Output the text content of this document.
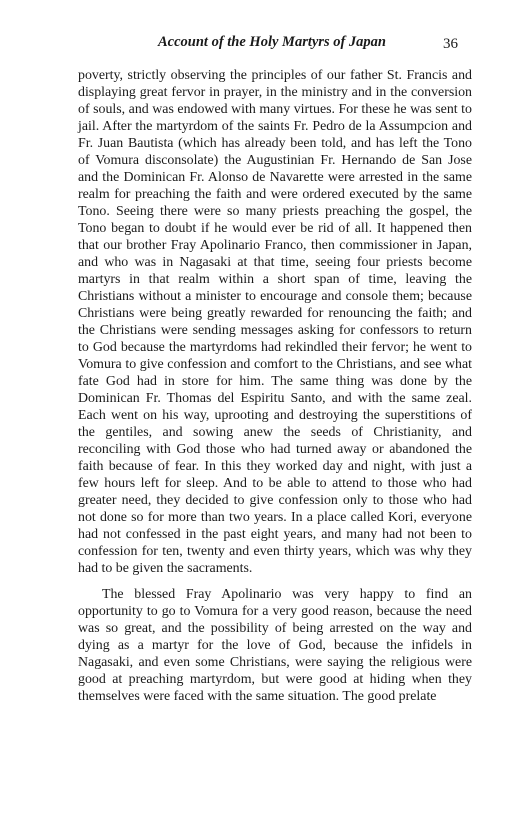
Account of the Holy Martyrs of Japan	36

poverty, strictly observing the principles of our father St. Francis and displaying great fervor in prayer, in the ministry and in the conversion of souls, and was endowed with many virtues. For these he was sent to jail. After the martyrdom of the saints Fr. Pedro de la Assumpcion and Fr. Juan Bautista (which has already been told, and has left the Tono of Vomura disconsolate) the Augustinian Fr. Hernando de San Jose and the Dominican Fr. Alonso de Navarette were arrested in the same realm for preaching the faith and were ordered executed by the same Tono. Seeing there were so many priests preaching the gospel, the Tono began to doubt if he would ever be rid of all. It happened then that our brother Fray Apolinario Franco, then commissioner in Japan, and who was in Nagasaki at that time, seeing four priests become martyrs in that realm within a short span of time, leaving the Christians without a minister to encourage and console them; because Christians were being greatly rewarded for renouncing the faith; and the Christians were sending messages asking for confessors to return to God because the martyrdoms had rekindled their fervor; he went to Vomura to give confession and comfort to the Christians, and see what fate God had in store for him. The same thing was done by the Dominican Fr. Thomas del Espiritu Santo, and with the same zeal. Each went on his way, uprooting and destroying the superstitions of the gentiles, and sowing anew the seeds of Christianity, and reconciling with God those who had turned away or abandoned the faith because of fear. In this they worked day and night, with just a few hours left for sleep. And to be able to attend to those who had greater need, they decided to give confession only to those who had not done so for more than two years. In a place called Kori, everyone had not confessed in the past eight years, and many had not been to confession for ten, twenty and even thirty years, which was why they had to be given the sacraments.

The blessed Fray Apolinario was very happy to find an opportunity to go to Vomura for a very good reason, because the need was so great, and the possibility of being arrested on the way and dying as a martyr for the love of God, because the infidels in Nagasaki, and even some Christians, were saying the religious were good at preaching martyrdom, but were good at hiding when they themselves were faced with the same situation. The good prelate
